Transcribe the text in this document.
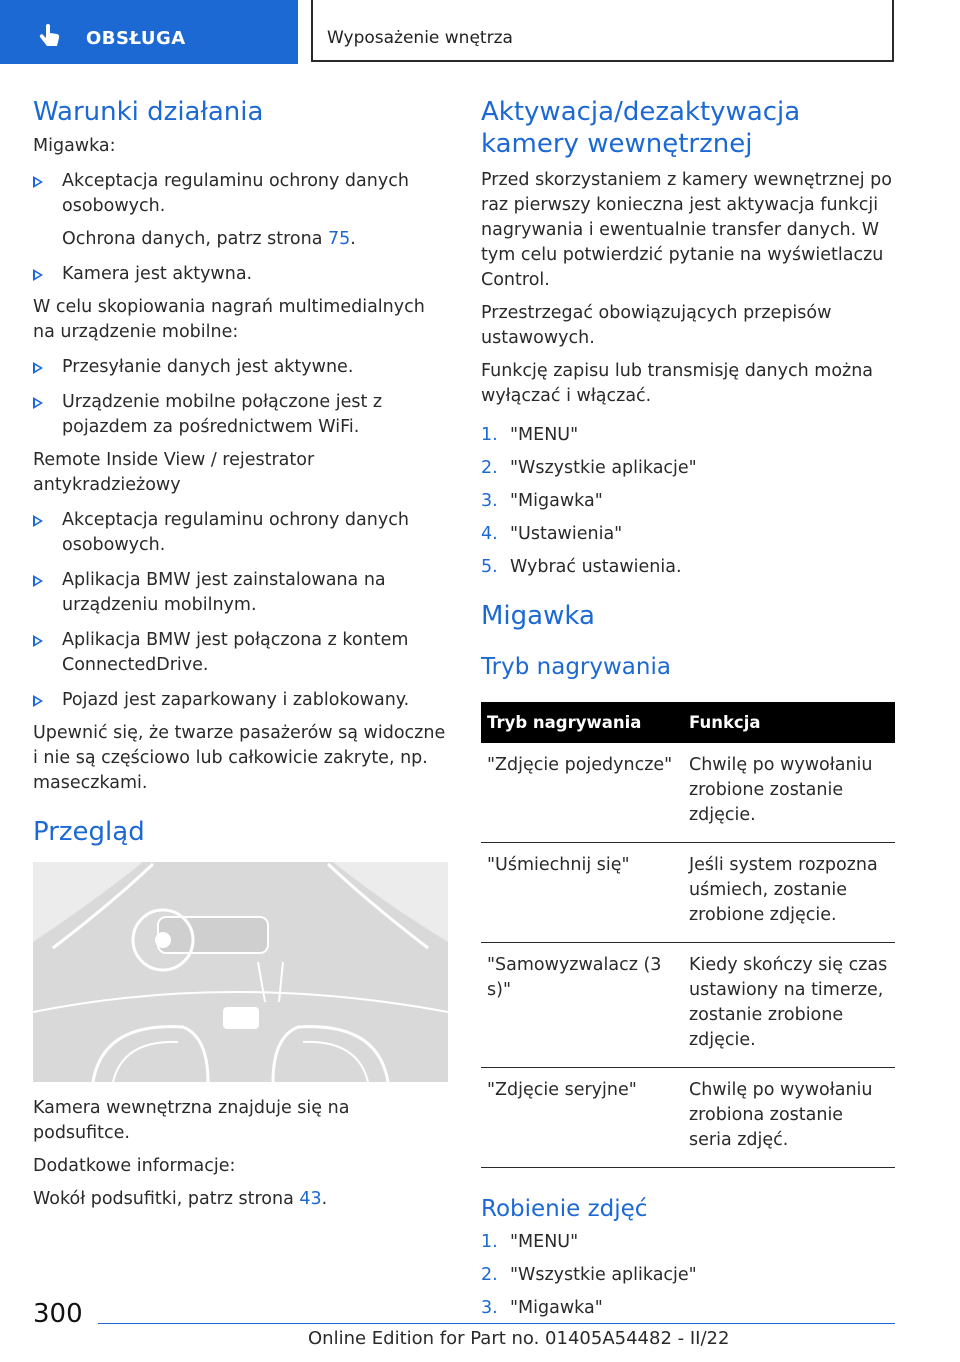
OBSŁUGA	Wyposażenie wnętrza
Warunki działania

Migawka:

Akceptacja regulaminu ochrony danych osobowych.
Ochrona danych, patrz strona 75.
Kamera jest aktywna.

W celu skopiowania nagrań multimedialnych na urządzenie mobilne:

Przesyłanie danych jest aktywne.
Urządzenie mobilne połączone jest z pojazdem za pośrednictwem WiFi.

Remote Inside View / rejestrator antykradzieżowy

Akceptacja regulaminu ochrony danych osobowych.
Aplikacja BMW jest zainstalowana na urządzeniu mobilnym.
Aplikacja BMW jest połączona z kontem ConnectedDrive.
Pojazd jest zaparkowany i zablokowany.

Upewnić się, że twarze pasażerów są widoczne i nie są częściowo lub całkowicie zakryte, np. maseczkami.

Przegląd

Kamera wewnętrzna znajduje się na podsufitce.

Dodatkowe informacje:

Wokół podsufitki, patrz strona 43.

Aktywacja/dezaktywacja kamery wewnętrznej

Przed skorzystaniem z kamery wewnętrznej po raz pierwszy konieczna jest aktywacja funkcji nagrywania i ewentualnie transfer danych. W tym celu potwierdzić pytanie na wyświetlaczu Control.

Przestrzegać obowiązujących przepisów ustawowych.

Funkcję zapisu lub transmisję danych można wyłączać i włączać.

1. "MENU"
2. "Wszystkie aplikacje"
3. "Migawka"
4. "Ustawienia"
5. Wybrać ustawienia.
Migawka
Tryb nagrywania
Tryb nagrywania	Funkcja
"Zdjęcie pojedyncze"	Chwilę po wywołaniu zrobione zostanie zdjęcie.
"Uśmiechnij się"	Jeśli system rozpozna uśmiech, zostanie zrobione zdjęcie.
"Samowyzwalacz (3 s)"	Kiedy skończy się czas ustawiony na timerze, zostanie zrobione zdjęcie.
"Zdjęcie seryjne"	Chwilę po wywołaniu zrobiona zostanie seria zdjęć.
Robienie zdjęć
1. "MENU"
2. "Wszystkie aplikacje"
3. "Migawka"
300
Online Edition for Part no. 01405A54482 - II/22
